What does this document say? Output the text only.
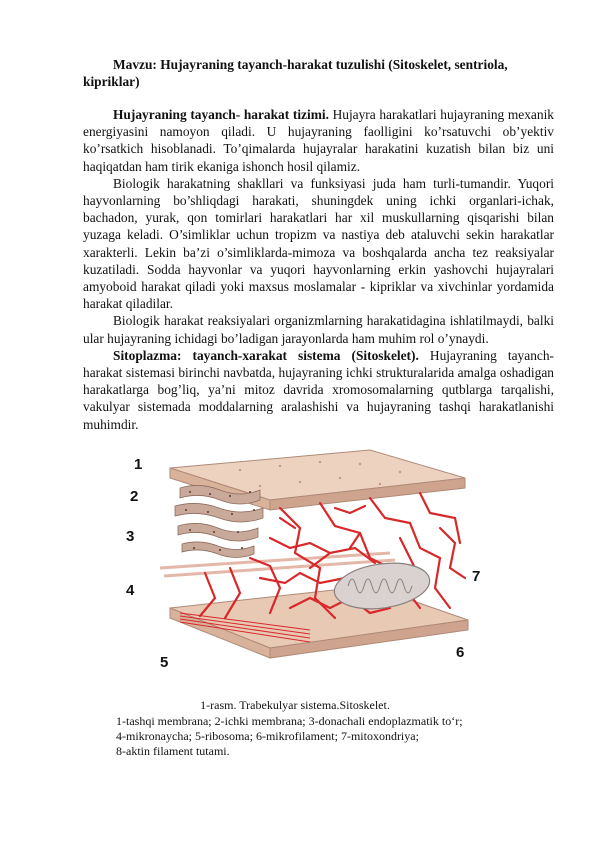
Mavzu: Hujayraning tayanch-harakat tuzulishi (Sitoskelet, sentriola, kipriklar)

Hujayraning tayanch- harakat tizimi. Hujayra harakatlari hujayraning mexanik energiyasini namoyon qiladi. U hujayraning faolligini ko’rsatuvchi ob’yektiv ko’rsatkich hisoblanadi. To’qimalarda hujayralar harakatini kuzatish bilan biz uni haqiqatdan ham tirik ekaniga ishonch hosil qilamiz.

Biologik harakatning shakllari va funksiyasi juda ham turli-tumandir. Yuqori hayvonlarning bo’shliqdagi harakati, shuningdek uning ichki organlari-ichak, bachadon, yurak, qon tomirlari harakatlari har xil muskullarning qisqarishi bilan yuzaga keladi. O’simliklar uchun tropizm va nastiya deb ataluvchi sekin harakatlar xarakterli. Lekin ba’zi o’simliklarda-mimoza va boshqalarda ancha tez reaksiyalar kuzatiladi. Sodda hayvonlar va yuqori hayvonlarning erkin yashovchi hujayralari amyoboid harakat qiladi yoki maxsus moslamalar - kipriklar va xivchinlar yordamida harakat qiladilar.

Biologik harakat reaksiyalari organizmlarning harakatidagina ishlatilmaydi, balki ular hujayraning ichidagi bo’ladigan jarayonlarda ham muhim rol o’ynaydi.

Sitoplazma: tayanch-xarakat sistema (Sitoskelet). Hujayraning tayanch-harakat sistemasi birinchi navbatda, hujayraning ichki strukturalarida amalga oshadigan harakatlarga bog’liq, ya’ni mitoz davrida xromosomalarning qutblarga tarqalishi, vakulyar sistemada moddalarning aralashishi va hujayraning tashqi harakatlanishi muhimdir.

1
2
3
4
5
6
7
1-rasm. Trabekulyar sistema.Sitoskelet.
1-tashqi membrana; 2-ichki membrana; 3-donachali endoplazmatik to‘r;
4-mikronaycha; 5-ribosoma; 6-mikrofilament; 7-mitoxondriya;
8-aktin filament tutami.
